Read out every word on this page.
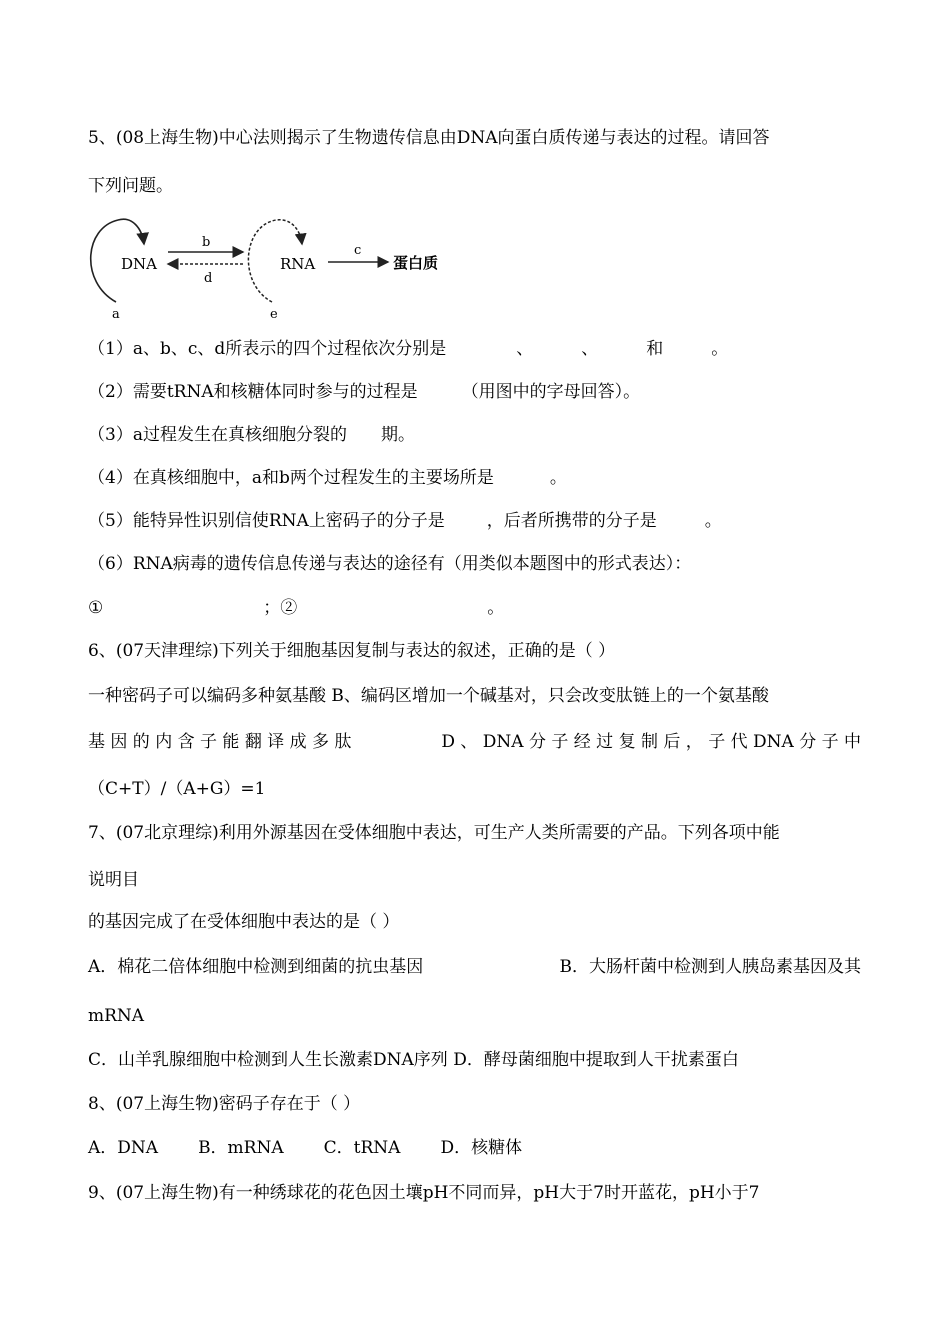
5、(08上海生物)中心法则揭示了生物遗传信息由DNA向蛋白质传递与表达的过程。请回答
下列问题。
DNA
a
b
d
RNA
e
c
蛋白质
（1）a、b、c、d所表示的四个过程依次分别是	、	、	和	。
（2）需要tRNA和核糖体同时参与的过程是	（用图中的字母回答）。
（3）a过程发生在真核细胞分裂的 期。
（4）在真核细胞中，a和b两个过程发生的主要场所是	。
（5）能特异性识别信使RNA上密码子的分子是 ，后者所携带的分子是	。
（6）RNA病毒的遗传信息传递与表达的途径有（用类似本题图中的形式表达）：
①	；②	。
6、(07天津理综)下列关于细胞基因复制与表达的叙述，正确的是（ ）
一种密码子可以编码多种氨基酸 B、编码区增加一个碱基对，只会改变肽链上的一个氨基酸
基 因 的 内 含 子 能 翻 译 成 多 肽	D 、 DNA 分 子 经 过 复 制 后 ， 子 代 DNA 分 子 中
（C+T）/（A+G）=1
7、(07北京理综)利用外源基因在受体细胞中表达，可生产人类所需要的产品。下列各项中能
说明目
的基因完成了在受体细胞中表达的是（ ）
A．棉花二倍体细胞中检测到细菌的抗虫基因	B．大肠杆菌中检测到人胰岛素基因及其
mRNA
C．山羊乳腺细胞中检测到人生长激素DNA序列 D．酵母菌细胞中提取到人干扰素蛋白
8、(07上海生物)密码子存在于（ ）
A．DNA B．mRNA C．tRNA D．核糖体
9、(07上海生物)有一种绣球花的花色因土壤pH不同而异，pH大于7时开蓝花，pH小于7
